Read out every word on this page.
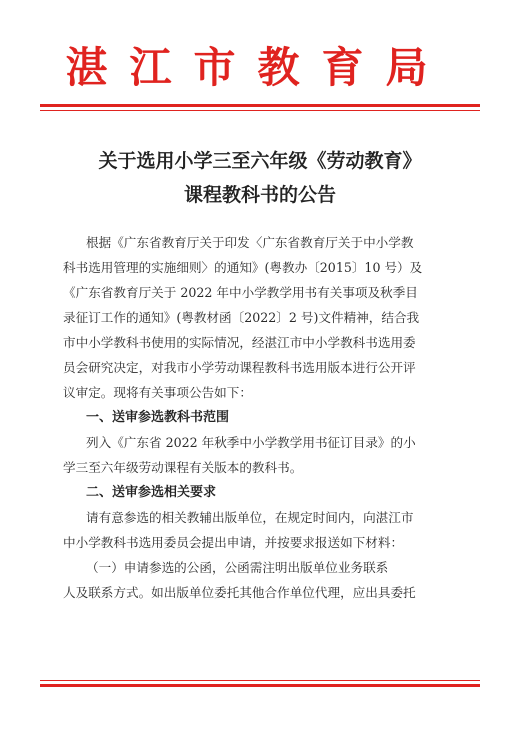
湛江市教育局
关于选用小学三至六年级《劳动教育》
课程教科书的公告
根据《广东省教育厅关于印发〈广东省教育厅关于中小学教
科书选用管理的实施细则〉的通知》(粤教办〔2015〕10 号）及
《广东省教育厅关于 2022 年中小学教学用书有关事项及秋季目
录征订工作的通知》(粤教材函〔2022〕2 号)文件精神，结合我
市中小学教科书使用的实际情况，经湛江市中小学教科书选用委
员会研究决定，对我市小学劳动课程教科书选用版本进行公开评
议审定。现将有关事项公告如下：
一、送审参选教科书范围
列入《广东省 2022 年秋季中小学教学用书征订目录》的小
学三至六年级劳动课程有关版本的教科书。
二、送审参选相关要求
请有意参选的相关教辅出版单位，在规定时间内，向湛江市
中小学教科书选用委员会提出申请，并按要求报送如下材料：
（一）申请参选的公函，公函需注明出版单位业务联系
人及联系方式。如出版单位委托其他合作单位代理，应出具委托
